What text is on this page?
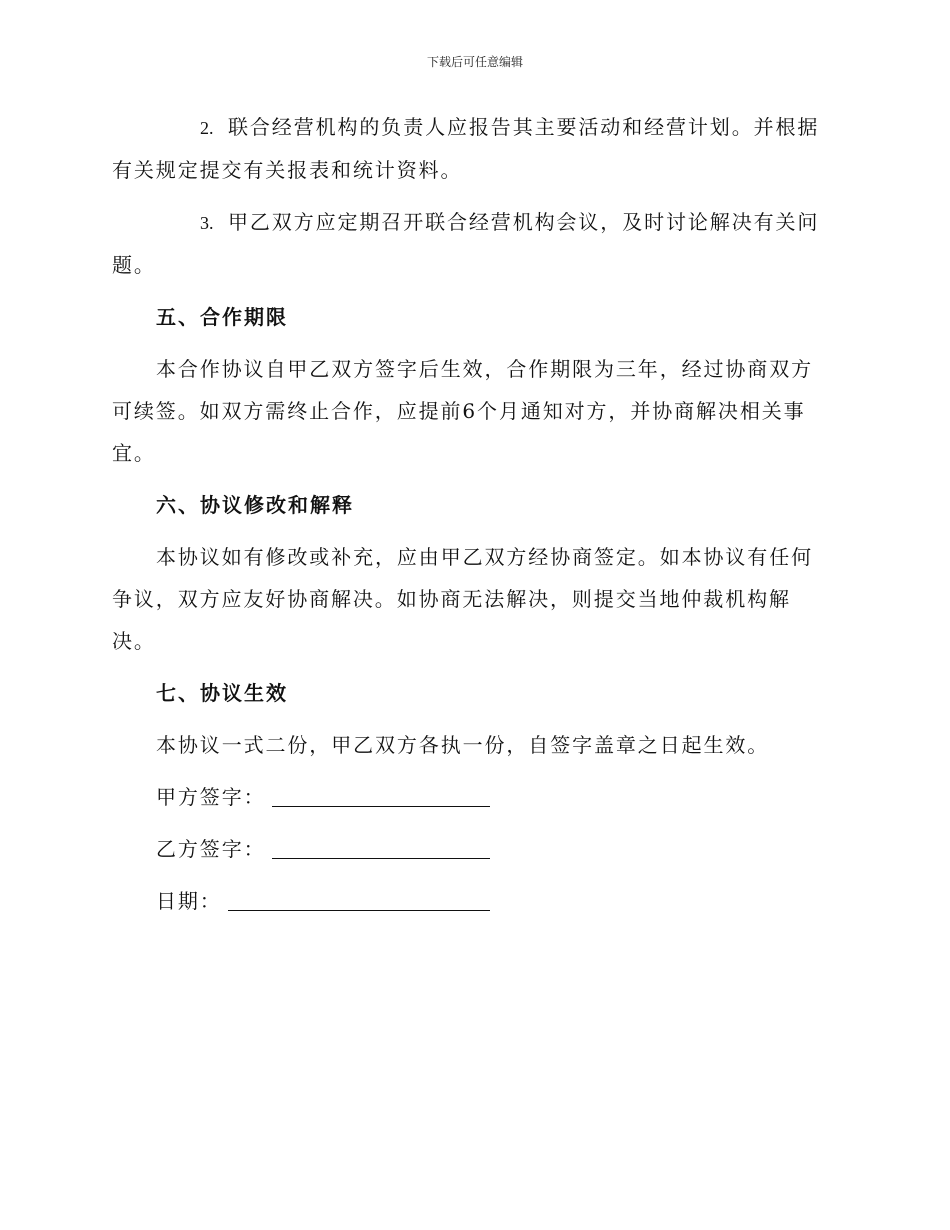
下载后可任意编辑

2. 联合经营机构的负责人应报告其主要活动和经营计划。并根据有关规定提交有关报表和统计资料。

3. 甲乙双方应定期召开联合经营机构会议，及时讨论解决有关问题。

五、合作期限

本合作协议自甲乙双方签字后生效，合作期限为三年，经过协商双方可续签。如双方需终止合作，应提前6个月通知对方，并协商解决相关事宜。

六、协议修改和解释

本协议如有修改或补充，应由甲乙双方经协商签定。如本协议有任何争议，双方应友好协商解决。如协商无法解决，则提交当地仲裁机构解决。

七、协议生效

本协议一式二份，甲乙双方各执一份，自签字盖章之日起生效。

甲方签字：
乙方签字：
日期：
